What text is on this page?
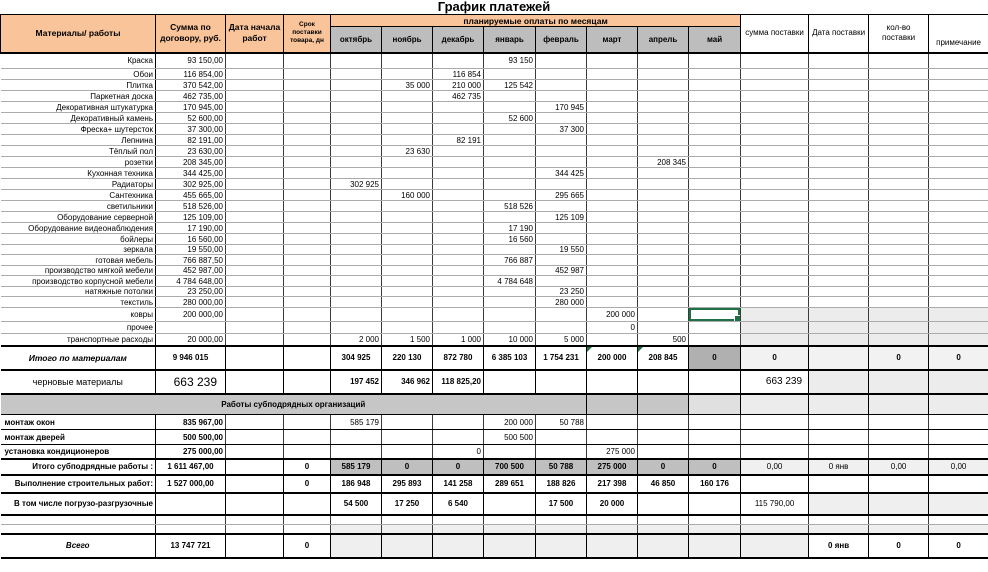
График платежей
Материалы/ работы	Сумма по договору, руб.	Дата начала работ	Срок поставки товара, дн	планируемые оплаты по месяцам								сумма поставки	Дата поставки	кол-во поставки	примечание
				октябрь	ноябрь	декабрь	январь	февраль	март	апрель	май				
Краска	93 150,00						93 150								
Обои	116 854,00					116 854									
Плитка	370 542,00				35 000	210 000	125 542								
Паркетная доска	462 735,00					462 735									
Декоративная штукатурка	170 945,00							170 945							
Декоративный камень	52 600,00						52 600								
Фреска+ шутерсток	37 300,00							37 300							
Лепнина	82 191,00					82 191									
Тёплый пол	23 630,00				23 630										
розетки	208 345,00									208 345					
Кухонная техника	344 425,00							344 425							
Радиаторы	302 925,00			302 925											
Сантехника	455 665,00				160 000			295 665							
светильники	518 526,00						518 526								
Оборудование серверной	125 109,00							125 109							
Оборудование видеонаблюдения	17 190,00						17 190								
бойлеры	16 560,00						16 560								
зеркала	19 550,00							19 550							
готовая мебель	766 887,50						766 887								
производство мягкой мебели	452 987,00							452 987							
производство корпусной мебели	4 784 648,00						4 784 648								
натяжные потолки	23 250,00							23 250							
текстиль	280 000,00							280 000							
ковры	200 000,00								200 000						
прочее									0						
транспортные расходы	20 000,00			2 000	1 500	1 000	10 000	5 000		500					
Итого по материалам	9 946 015			304 925	220 130	872 780	6 385 103	1 754 231	200 000	208 845	0	0		0	0
черновые материалы	663 239			197 452	346 962	118 825,20						663 239			
Работы субподрядных организаций															
монтаж окон	835 967,00			585 179			200 000	50 788							
монтаж дверей	500 500,00						500 500								
установка кондиционеров	275 000,00					0			275 000						
Итого субподрядные работы :	1 611 467,00		0	585 179	0	0	700 500	50 788	275 000	0	0	0,00	0 янв	0,00	0,00
Выполнение строительных работ:	1 527 000,00		0	186 948	295 893	141 258	289 651	188 826	217 398	46 850	160 176				
В том числе погрузо-разгрузочные				54 500	17 250	6 540		17 500	20 000			115 790,00			

Всего	13 747 721		0										0 янв	0	0
